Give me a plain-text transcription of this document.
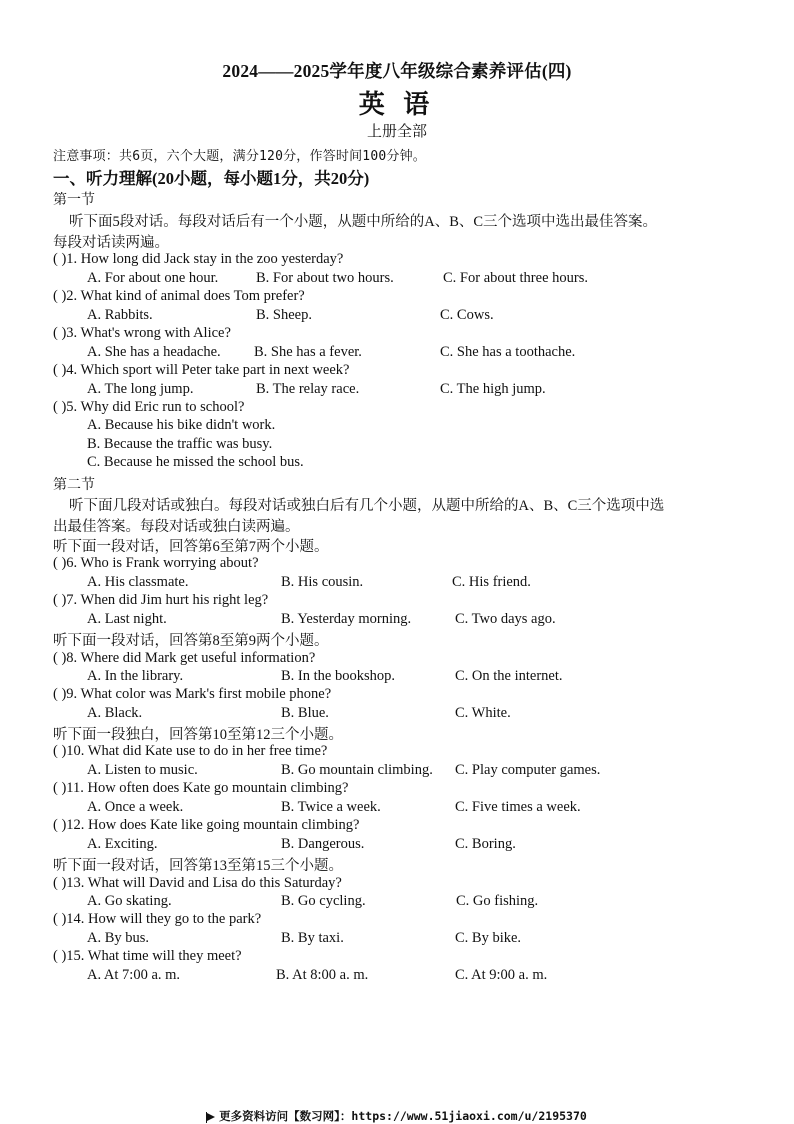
2024——2025学年度八年级综合素养评估(四)
英 语
上册全部
注意事项：共6页，六个大题，满分120分，作答时间100分钟。
一、听力理解(20小题，每小题1分，共20分)
第一节
听下面5段对话。每段对话后有一个小题，从题中所给的A、B、C三个选项中选出最佳答案。
每段对话读两遍。
( )1. How long did Jack stay in the zoo yesterday?
A. For about one hour.	B. For about two hours.	C. For about three hours.
( )2. What kind of animal does Tom prefer?
A. Rabbits.	B. Sheep.	C. Cows.
( )3. What's wrong with Alice?
A. She has a headache. B. She has a fever.	C. She has a toothache.
( )4. Which sport will Peter take part in next week?
A. The long jump.	B. The relay race.	C. The high jump.
( )5. Why did Eric run to school?
A. Because his bike didn't work.
B. Because the traffic was busy.
C. Because he missed the school bus.
第二节
听下面几段对话或独白。每段对话或独白后有几个小题，从题中所给的A、B、C三个选项中选
出最佳答案。每段对话或独白读两遍。
听下面一段对话，回答第6至第7两个小题。
( )6. Who is Frank worrying about?
A. His classmate.	B. His cousin.	C. His friend.
( )7. When did Jim hurt his right leg?
A. Last night.	B. Yesterday morning.	C. Two days ago.
听下面一段对话，回答第8至第9两个小题。
( )8. Where did Mark get useful information?
A. In the library.	B. In the bookshop.	C. On the internet.
( )9. What color was Mark's first mobile phone?
A. Black.	B. Blue.	C. White.
听下面一段独白，回答第10至第12三个小题。
( )10. What did Kate use to do in her free time?
A. Listen to music.	B. Go mountain climbing. C. Play computer games.
( )11. How often does Kate go mountain climbing?
A. Once a week.	B. Twice a week.	C. Five times a week.
( )12. How does Kate like going mountain climbing?
A. Exciting.	B. Dangerous.	C. Boring.
听下面一段对话，回答第13至第15三个小题。
( )13. What will David and Lisa do this Saturday?
A. Go skating.	B. Go cycling.	C. Go fishing.
( )14. How will they go to the park?
A. By bus.	B. By taxi.	C. By bike.
( )15. What time will they meet?
A. At 7:00 a. m.	B. At 8:00 a. m.	C. At 9:00 a. m.
更多资料访问【数习网】：https://www.51jiaoxi.com/u/2195370
